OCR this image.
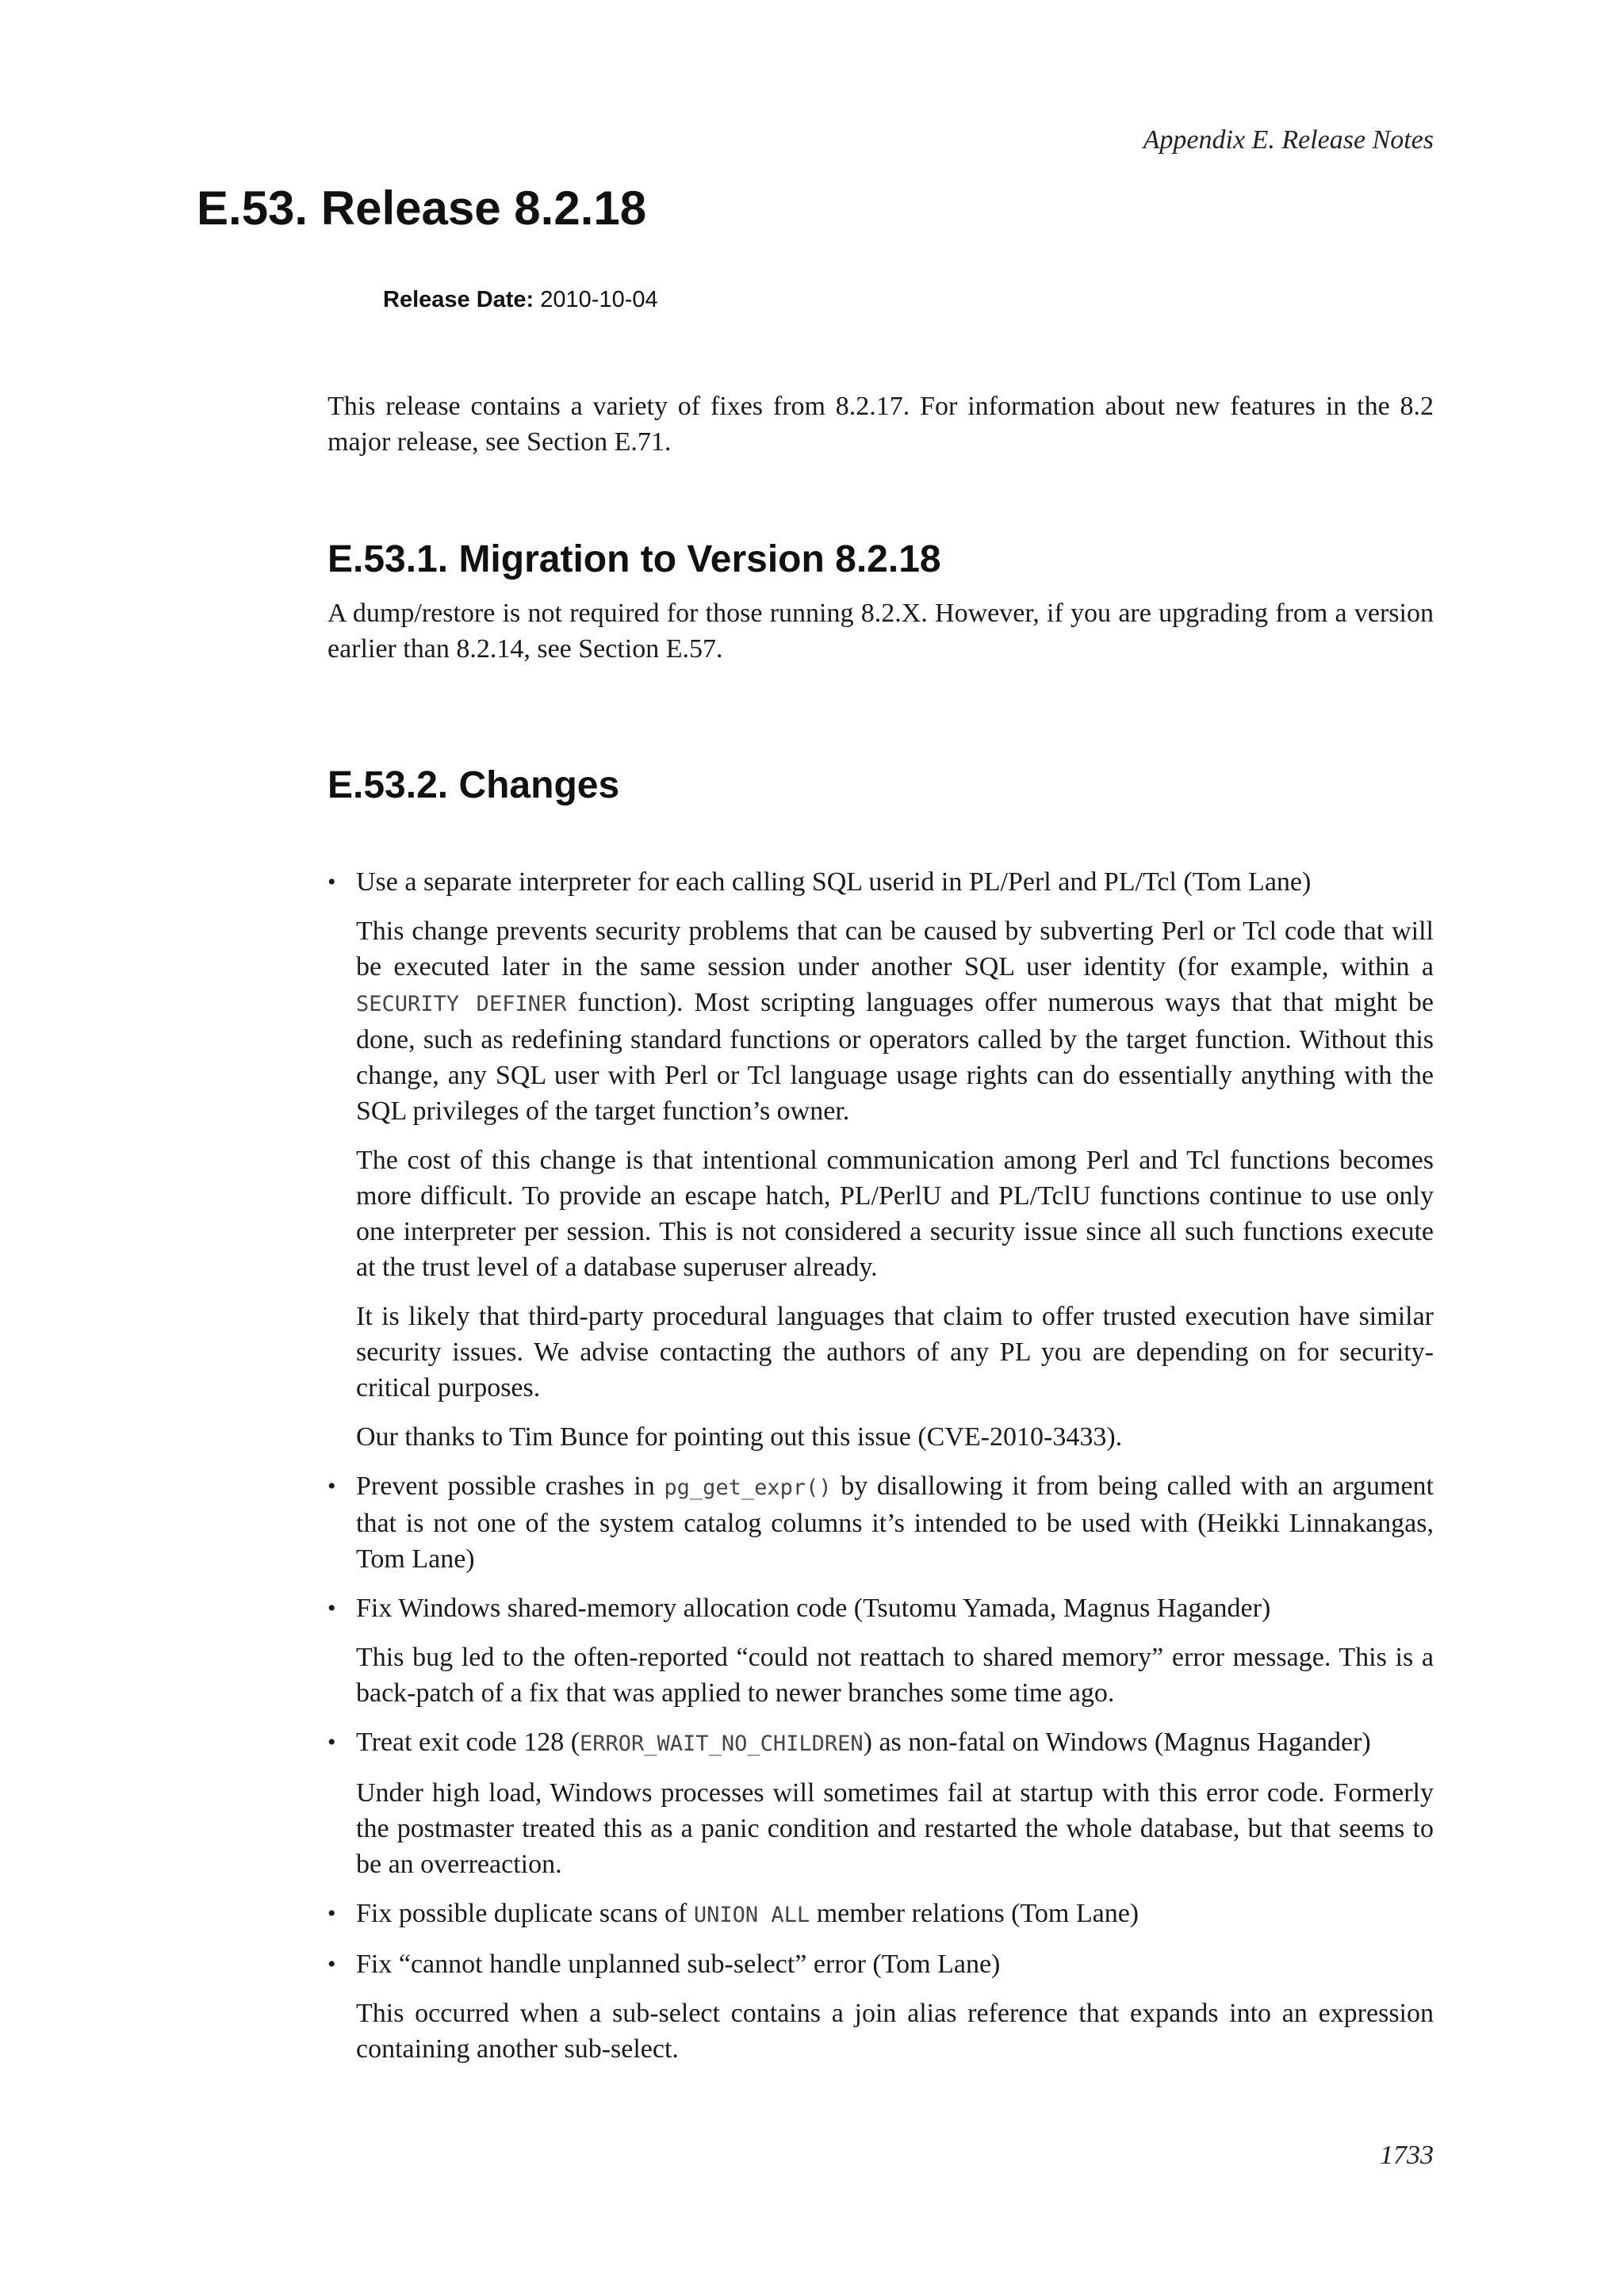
Appendix E. Release Notes
E.53. Release 8.2.18
Release Date: 2010-10-04

This release contains a variety of fixes from 8.2.17. For information about new features in the 8.2 major release, see Section E.71.

E.53.1. Migration to Version 8.2.18

A dump/restore is not required for those running 8.2.X. However, if you are upgrading from a version earlier than 8.2.14, see Section E.57.

E.53.2. Changes
• Use a separate interpreter for each calling SQL userid in PL/Perl and PL/Tcl (Tom Lane)

This change prevents security problems that can be caused by subverting Perl or Tcl code that will be executed later in the same session under another SQL user identity (for example, within a SECURITY DEFINER function). Most scripting languages offer numerous ways that that might be done, such as redefining standard functions or operators called by the target function. Without this change, any SQL user with Perl or Tcl language usage rights can do essentially anything with the SQL privileges of the target function’s owner.

The cost of this change is that intentional communication among Perl and Tcl functions becomes more difficult. To provide an escape hatch, PL/PerlU and PL/TclU functions continue to use only one interpreter per session. This is not considered a security issue since all such functions execute at the trust level of a database superuser already.

It is likely that third-party procedural languages that claim to offer trusted execution have similar security issues. We advise contacting the authors of any PL you are depending on for security-critical purposes.

Our thanks to Tim Bunce for pointing out this issue (CVE-2010-3433).

• Prevent possible crashes in pg_get_expr() by disallowing it from being called with an argument that is not one of the system catalog columns it’s intended to be used with (Heikki Linnakangas, Tom Lane)

• Fix Windows shared-memory allocation code (Tsutomu Yamada, Magnus Hagander)

This bug led to the often-reported “could not reattach to shared memory” error message. This is a back-patch of a fix that was applied to newer branches some time ago.

• Treat exit code 128 (ERROR_WAIT_NO_CHILDREN) as non-fatal on Windows (Magnus Hagander)

Under high load, Windows processes will sometimes fail at startup with this error code. Formerly the postmaster treated this as a panic condition and restarted the whole database, but that seems to be an overreaction.

• Fix possible duplicate scans of UNION ALL member relations (Tom Lane)

• Fix “cannot handle unplanned sub-select” error (Tom Lane)

This occurred when a sub-select contains a join alias reference that expands into an expression containing another sub-select.

1733
